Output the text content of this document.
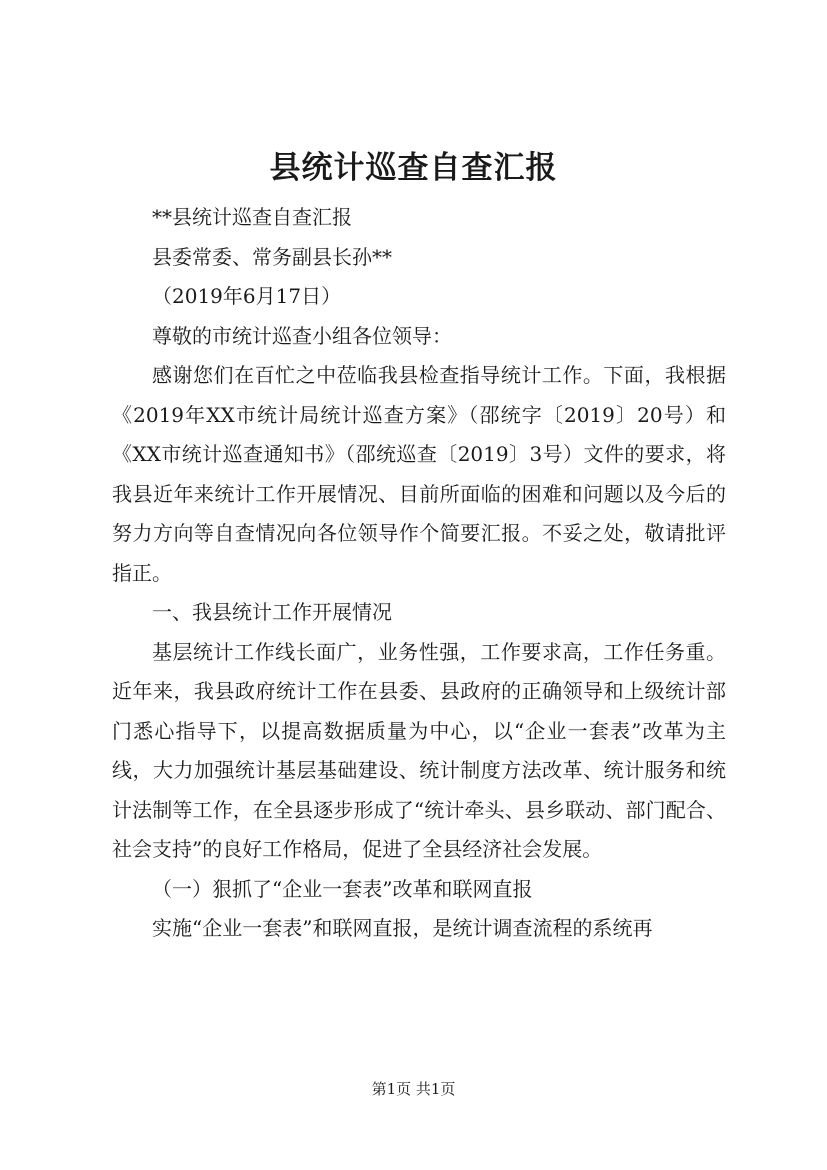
县统计巡查自查汇报

**县统计巡查自查汇报

县委常委、常务副县长孙**

（2019年6月17日）

尊敬的市统计巡查小组各位领导：

感谢您们在百忙之中莅临我县检查指导统计工作。下面，我根据《2019年XX市统计局统计巡查方案》（邵统字〔2019〕20号）和《XX市统计巡查通知书》（邵统巡查〔2019〕3号）文件的要求，将我县近年来统计工作开展情况、目前所面临的困难和问题以及今后的努力方向等自查情况向各位领导作个简要汇报。不妥之处，敬请批评指正。

一、我县统计工作开展情况

基层统计工作线长面广，业务性强，工作要求高，工作任务重。近年来，我县政府统计工作在县委、县政府的正确领导和上级统计部门悉心指导下，以提高数据质量为中心，以“企业一套表”改革为主线，大力加强统计基层基础建设、统计制度方法改革、统计服务和统计法制等工作，在全县逐步形成了“统计牵头、县乡联动、部门配合、社会支持”的良好工作格局，促进了全县经济社会发展。

（一）狠抓了“企业一套表”改革和联网直报

实施“企业一套表”和联网直报，是统计调查流程的系统再

第1页 共1页
